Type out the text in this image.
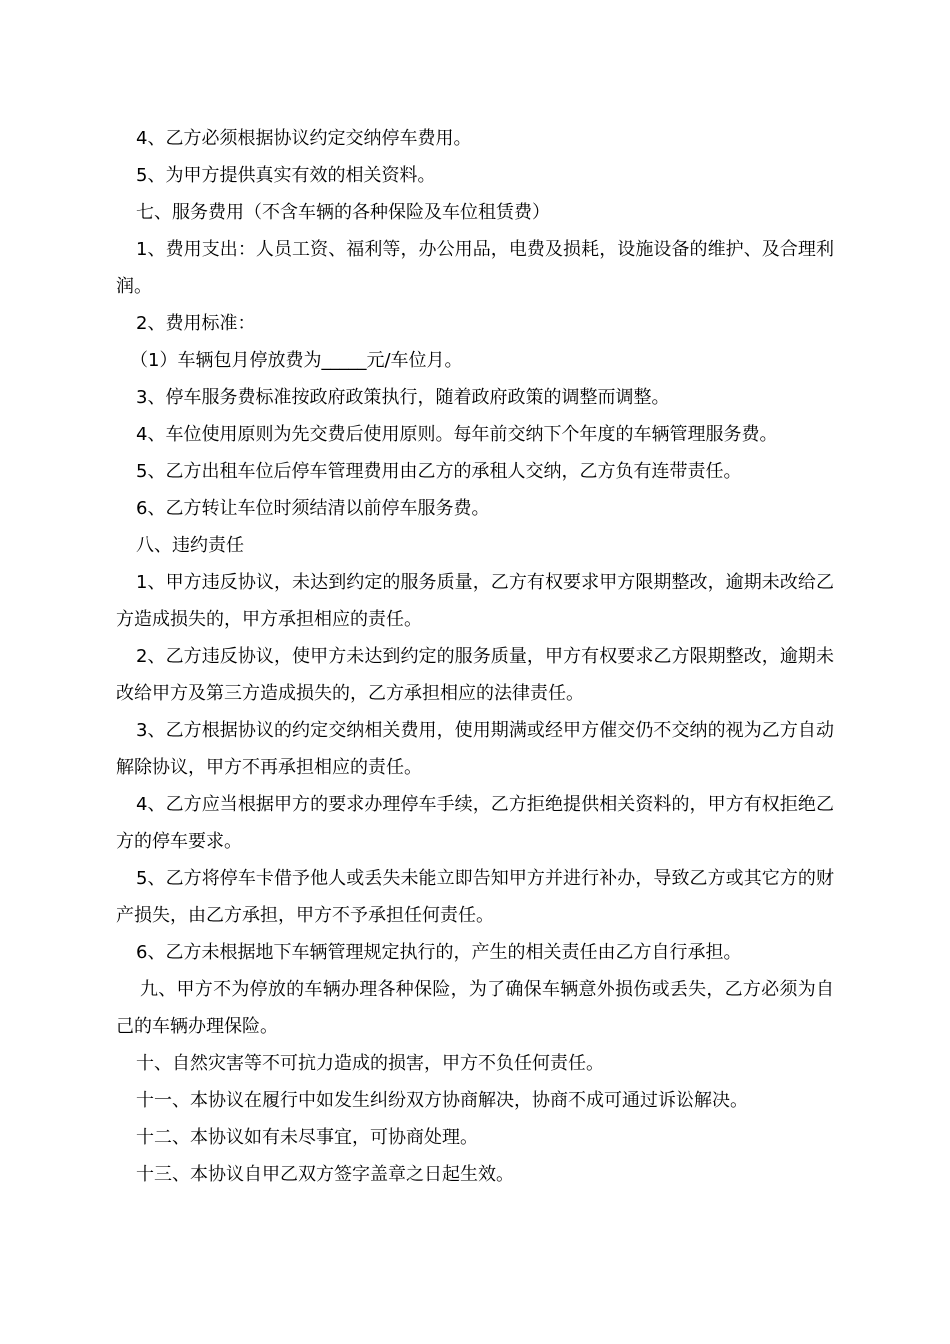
4、乙方必须根据协议约定交纳停车费用。

5、为甲方提供真实有效的相关资料。

七、服务费用（不含车辆的各种保险及车位租赁费）

1、费用支出：人员工资、福利等，办公用品，电费及损耗，设施设备的维护、及合理利润。

2、费用标准：

（1）车辆包月停放费为_____元/车位月。

3、停车服务费标准按政府政策执行，随着政府政策的调整而调整。

4、车位使用原则为先交费后使用原则。每年前交纳下个年度的车辆管理服务费。

5、乙方出租车位后停车管理费用由乙方的承租人交纳，乙方负有连带责任。

6、乙方转让车位时须结清以前停车服务费。

八、违约责任

1、甲方违反协议，未达到约定的服务质量，乙方有权要求甲方限期整改，逾期未改给乙方造成损失的，甲方承担相应的责任。

2、乙方违反协议，使甲方未达到约定的服务质量，甲方有权要求乙方限期整改，逾期未改给甲方及第三方造成损失的，乙方承担相应的法律责任。

3、乙方根据协议的约定交纳相关费用，使用期满或经甲方催交仍不交纳的视为乙方自动解除协议，甲方不再承担相应的责任。

4、乙方应当根据甲方的要求办理停车手续，乙方拒绝提供相关资料的，甲方有权拒绝乙方的停车要求。

5、乙方将停车卡借予他人或丢失未能立即告知甲方并进行补办，导致乙方或其它方的财产损失，由乙方承担，甲方不予承担任何责任。

6、乙方未根据地下车辆管理规定执行的，产生的相关责任由乙方自行承担。

九、甲方不为停放的车辆办理各种保险，为了确保车辆意外损伤或丢失，乙方必须为自己的车辆办理保险。

十、自然灾害等不可抗力造成的损害，甲方不负任何责任。

十一、本协议在履行中如发生纠纷双方协商解决，协商不成可通过诉讼解决。

十二、本协议如有未尽事宜，可协商处理。

十三、本协议自甲乙双方签字盖章之日起生效。
